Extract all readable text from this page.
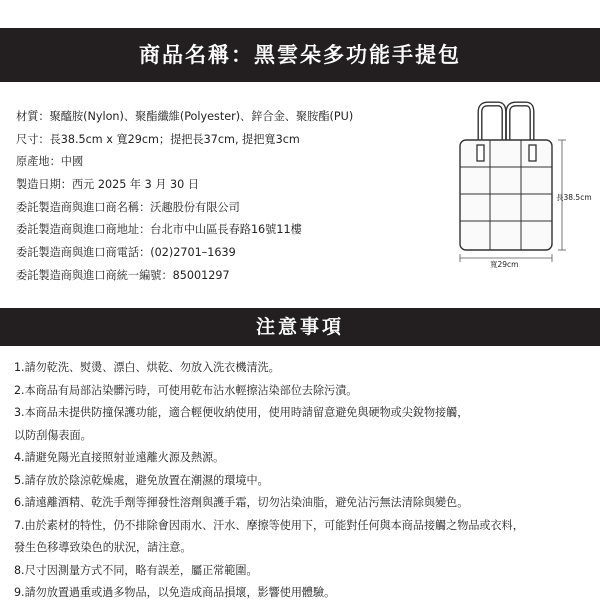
商品名稱：黑雲朵多功能手提包
材質：聚醯胺(Nylon)、聚酯纖維(Polyester)、鋅合金、聚胺酯(PU)
尺寸：長38.5cm x 寬29cm；提把長37cm, 提把寬3cm
原產地：中國
製造日期：西元 2025 年 3 月 30 日
委託製造商與進口商名稱：沃趣股份有限公司
委託製造商與進口商地址：台北市中山區長春路16號11樓
委託製造商與進口商電話：(02)2701–1639
委託製造商與進口商統一編號：85001297
長38.5cm
寬29cm
注意事項
1.請勿乾洗、熨燙、漂白、烘乾、勿放入洗衣機清洗。
2.本商品有局部沾染髒污時，可使用乾布沾水輕擦沾染部位去除污漬。
3.本商品未提供防撞保護功能，適合輕便收納使用，使用時請留意避免與硬物或尖銳物接觸，
以防刮傷表面。
4.請避免陽光直接照射並遠離火源及熱源。
5.請存放於陰涼乾燥處，避免放置在潮濕的環境中。
6.請遠離酒精、乾洗手劑等揮發性溶劑與護手霜，切勿沾染油脂，避免沾污無法清除與變色。
7.由於素材的特性，仍不排除會因雨水、汗水、摩擦等使用下，可能對任何與本商品接觸之物品或衣料，
發生色移導致染色的狀況，請注意。
8.尺寸因測量方式不同，略有誤差，屬正常範圍。
9.請勿放置過重或過多物品，以免造成商品損壞，影響使用體驗。
